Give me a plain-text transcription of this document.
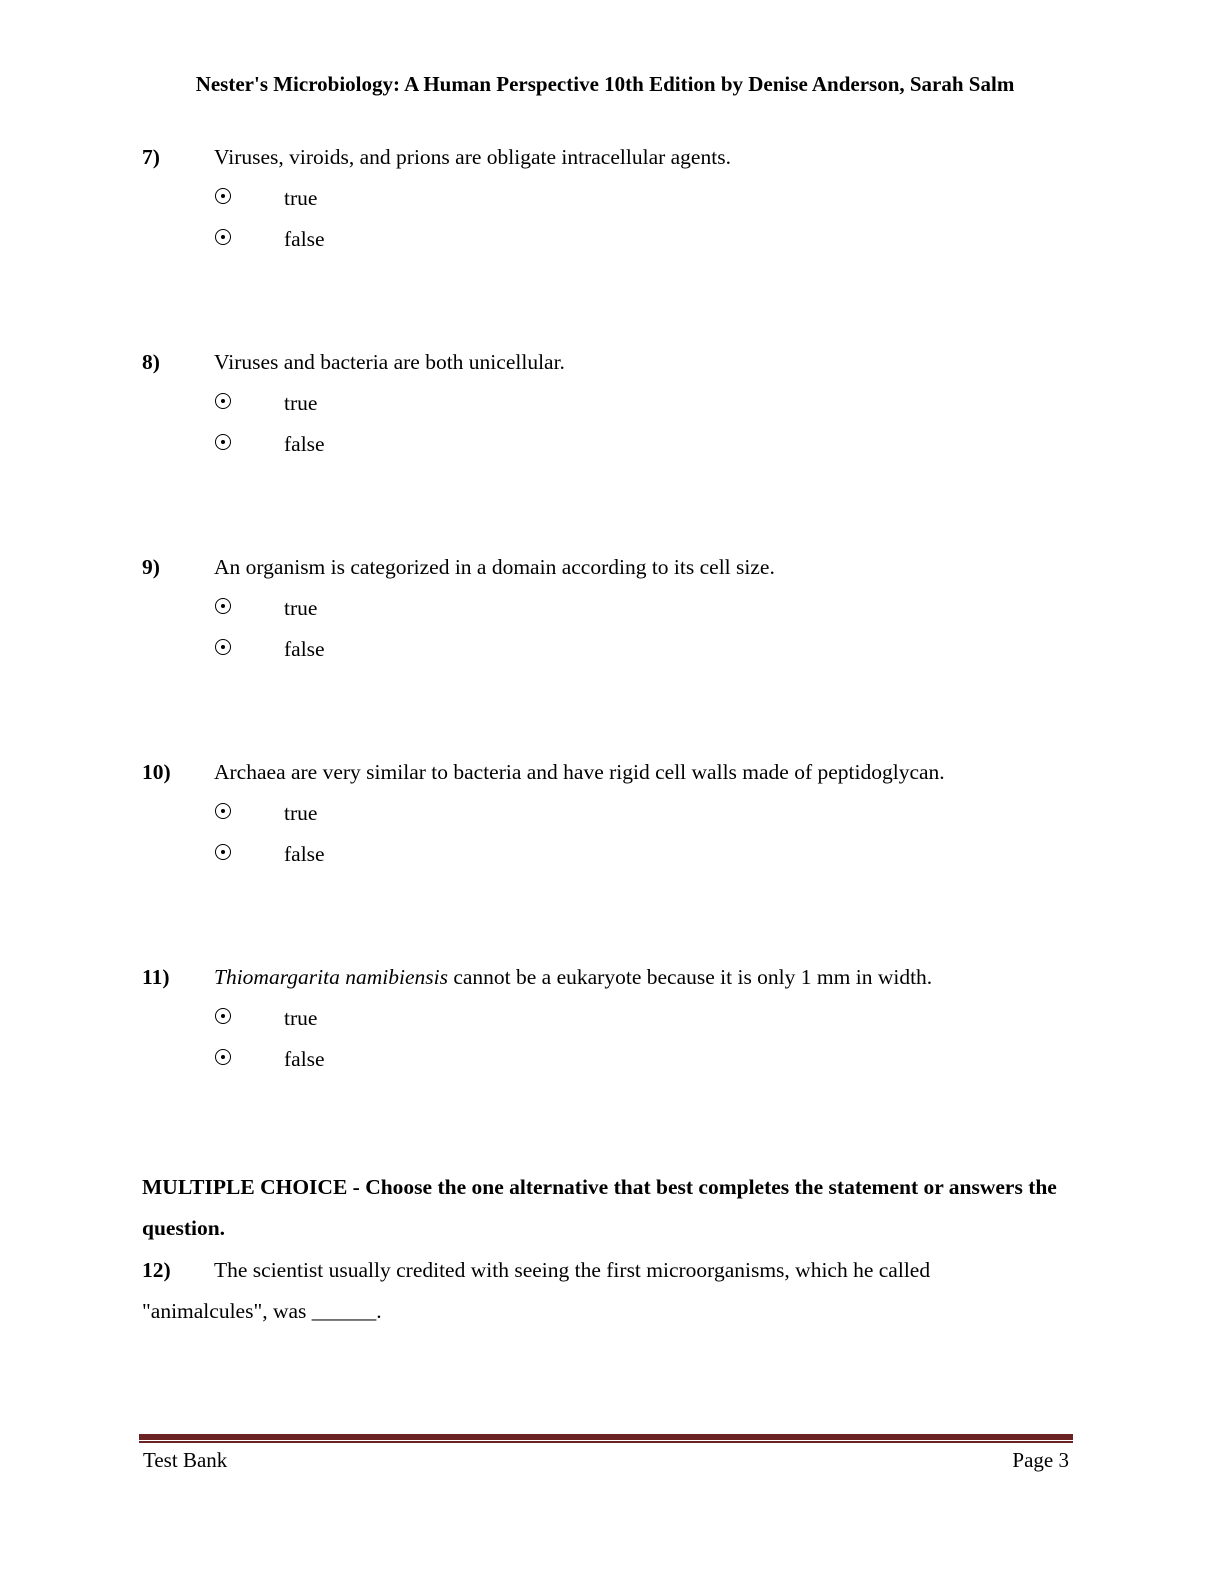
Nester's Microbiology: A Human Perspective 10th Edition by Denise Anderson, Sarah Salm
7)	Viruses, viroids, and prions are obligate intracellular agents.
true
false
8)	Viruses and bacteria are both unicellular.
true
false
9)	An organism is categorized in a domain according to its cell size.
true
false
10) Archaea are very similar to bacteria and have rigid cell walls made of peptidoglycan.
true
false
11) Thiomargarita namibiensis cannot be a eukaryote because it is only 1 mm in width.
true
false
MULTIPLE CHOICE - Choose the one alternative that best completes the statement or answers the question.
12) The scientist usually credited with seeing the first microorganisms, which he called "animalcules", was ______.
Test Bank	Page 3
